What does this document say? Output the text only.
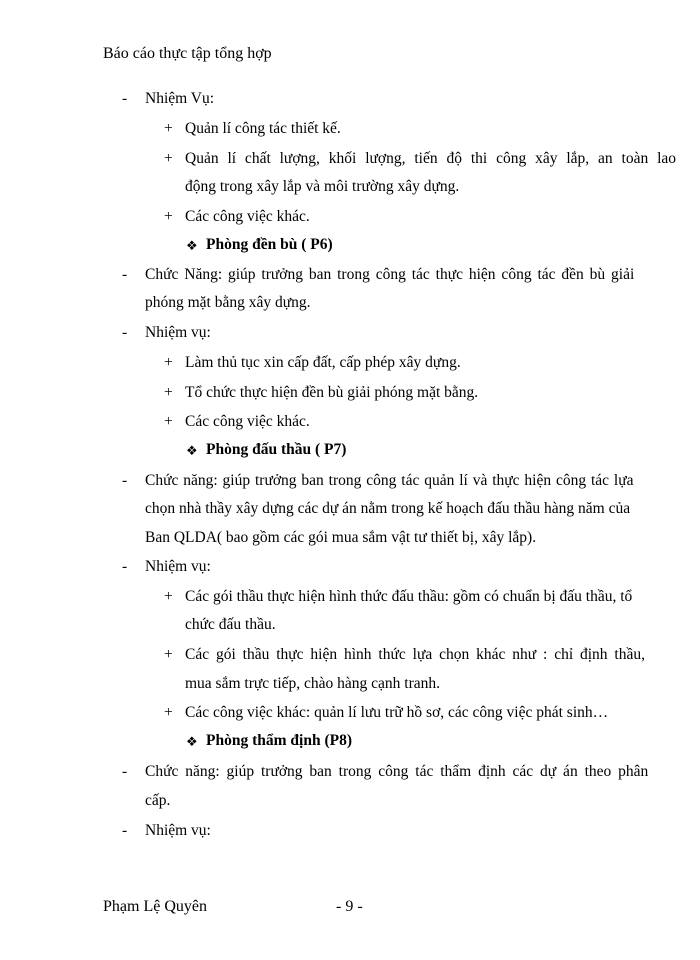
Báo cáo thực tập tổng hợp
- Nhiệm Vụ:
+ Quản lí công tác thiết kế.
+ Quản lí chất lượng, khối lượng, tiến độ thi công xây lắp, an toàn lao
động trong xây lắp và môi trường xây dựng.
+ Các công việc khác.
❖ Phòng đền bù ( P6)
- Chức Năng: giúp trưởng ban trong công tác thực hiện công tác đền bù giải
phóng mặt bằng xây dựng.
- Nhiệm vụ:
+ Làm thủ tục xin cấp đất, cấp phép xây dựng.
+ Tổ chức thực hiện đền bù giải phóng mặt bằng.
+ Các công việc khác.
❖ Phòng đấu thầu ( P7)
- Chức năng: giúp trưởng ban trong công tác quản lí và thực hiện công tác lựa
chọn nhà thầy xây dựng các dự án nằm trong kế hoạch đấu thầu hàng năm của
Ban QLDA( bao gồm các gói mua sắm vật tư thiết bị, xây lắp).
- Nhiệm vụ:
+ Các gói thầu thực hiện hình thức đấu thầu: gồm có chuẩn bị đấu thầu, tổ
chức đấu thầu.
+ Các gói thầu thực hiện hình thức lựa chọn khác như : chỉ định thầu,
mua sắm trực tiếp, chào hàng cạnh tranh.
+ Các công việc khác: quản lí lưu trữ hồ sơ, các công việc phát sinh…
❖ Phòng thẩm định (P8)
- Chức năng: giúp trưởng ban trong công tác thẩm định các dự án theo phân
cấp.
- Nhiệm vụ:
Phạm Lệ Quyên	- 9 -
